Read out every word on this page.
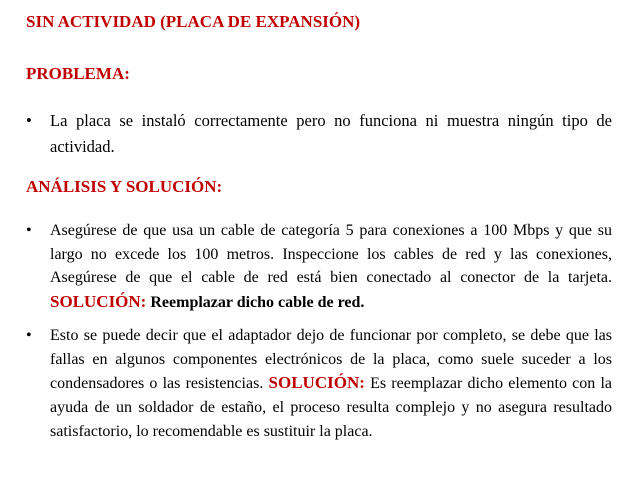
SIN ACTIVIDAD (PLACA DE EXPANSIÓN)
PROBLEMA:
•	La placa se instaló correctamente pero no funciona ni muestra ningún tipo de actividad.
ANÁLISIS Y SOLUCIÓN:
•	Asegúrese de que usa un cable de categoría 5 para conexiones a 100 Mbps y que su largo no excede los 100 metros. Inspeccione los cables de red y las conexiones, Asegúrese de que el cable de red está bien conectado al conector de la tarjeta. SOLUCIÓN: Reemplazar dicho cable de red.
•	Esto se puede decir que el adaptador dejo de funcionar por completo, se debe que las fallas en algunos componentes electrónicos de la placa, como suele suceder a los condensadores o las resistencias. SOLUCIÓN: Es reemplazar dicho elemento con la ayuda de un soldador de estaño, el proceso resulta complejo y no asegura resultado satisfactorio, lo recomendable es sustituir la placa.
